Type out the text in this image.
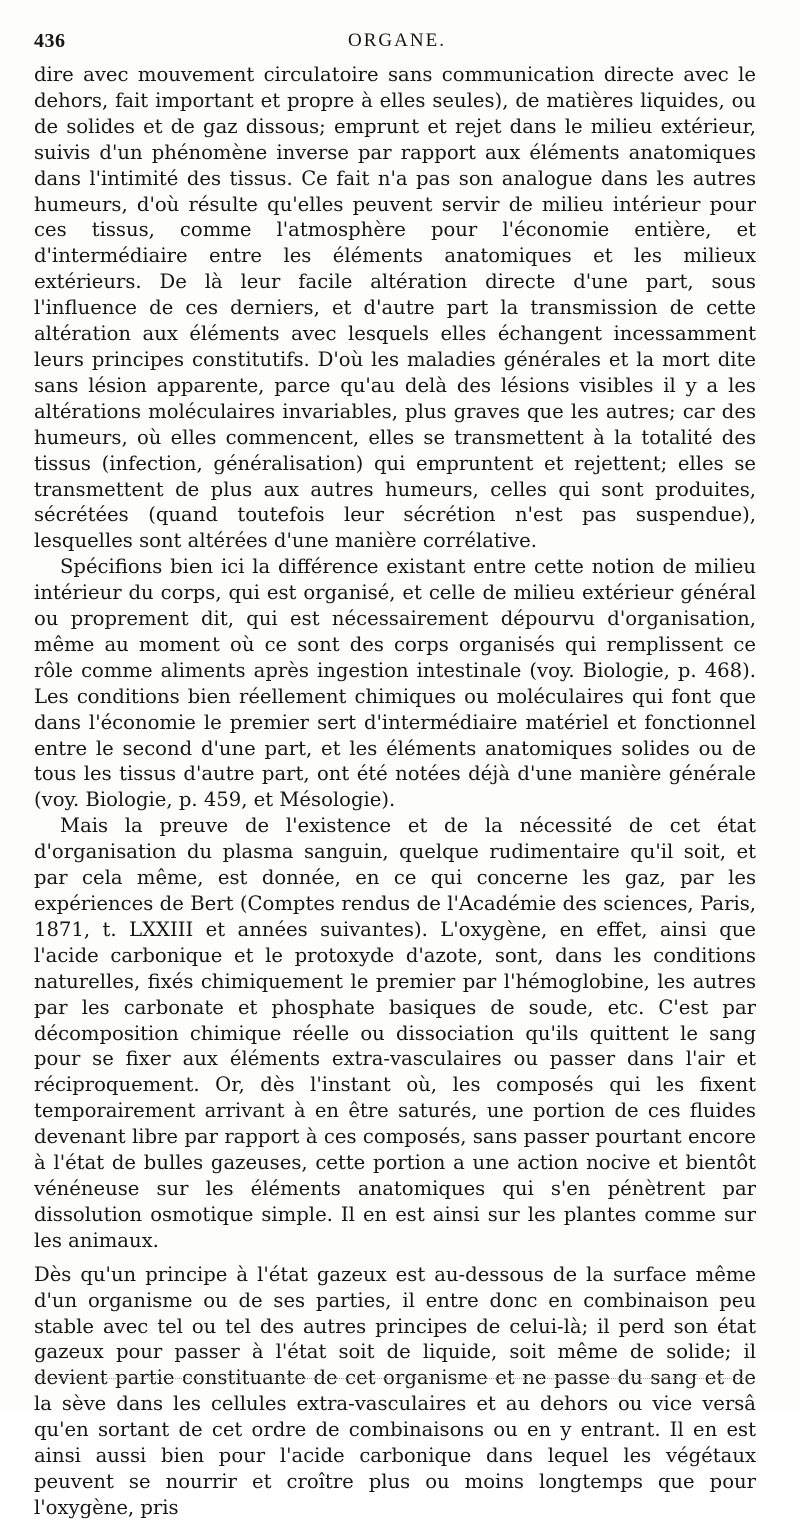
436	ORGANE.

dire avec mouvement circulatoire sans communication directe avec le dehors, fait important et propre à elles seules), de matières liquides, ou de solides et de gaz dissous; emprunt et rejet dans le milieu extérieur, suivis d'un phénomène inverse par rapport aux éléments anatomiques dans l'intimité des tissus. Ce fait n'a pas son analogue dans les autres humeurs, d'où résulte qu'elles peuvent servir de milieu intérieur pour ces tissus, comme l'atmosphère pour l'économie entière, et d'intermédiaire entre les éléments anatomiques et les milieux extérieurs. De là leur facile altération directe d'une part, sous l'influence de ces derniers, et d'autre part la transmission de cette altération aux éléments avec lesquels elles échangent incessamment leurs principes constitutifs. D'où les maladies générales et la mort dite sans lésion apparente, parce qu'au delà des lésions visibles il y a les altérations moléculaires invariables, plus graves que les autres; car des humeurs, où elles commencent, elles se transmettent à la totalité des tissus (infection, généralisation) qui empruntent et rejettent; elles se transmettent de plus aux autres humeurs, celles qui sont produites, sécrétées (quand toutefois leur sécrétion n'est pas suspendue), lesquelles sont altérées d'une manière corrélative.

Spécifions bien ici la différence existant entre cette notion de milieu intérieur du corps, qui est organisé, et celle de milieu extérieur général ou proprement dit, qui est nécessairement dépourvu d'organisation, même au moment où ce sont des corps organisés qui remplissent ce rôle comme aliments après ingestion intestinale (voy. Biologie, p. 468). Les conditions bien réellement chimiques ou moléculaires qui font que dans l'économie le premier sert d'intermédiaire matériel et fonctionnel entre le second d'une part, et les éléments anatomiques solides ou de tous les tissus d'autre part, ont été notées déjà d'une manière générale (voy. Biologie, p. 459, et Mésologie).

Mais la preuve de l'existence et de la nécessité de cet état d'organisation du plasma sanguin, quelque rudimentaire qu'il soit, et par cela même, est donnée, en ce qui concerne les gaz, par les expériences de Bert (Comptes rendus de l'Académie des sciences, Paris, 1871, t. LXXIII et années suivantes). L'oxygène, en effet, ainsi que l'acide carbonique et le protoxyde d'azote, sont, dans les conditions naturelles, fixés chimiquement le premier par l'hémoglobine, les autres par les carbonate et phosphate basiques de soude, etc. C'est par décomposition chimique réelle ou dissociation qu'ils quittent le sang pour se fixer aux éléments extra-vasculaires ou passer dans l'air et réciproquement. Or, dès l'instant où, les composés qui les fixent temporairement arrivant à en être saturés, une portion de ces fluides devenant libre par rapport à ces composés, sans passer pourtant encore à l'état de bulles gazeuses, cette portion a une action nocive et bientôt vénéneuse sur les éléments anatomiques qui s'en pénètrent par dissolution osmotique simple. Il en est ainsi sur les plantes comme sur les animaux.

Dès qu'un principe à l'état gazeux est au-dessous de la surface même d'un organisme ou de ses parties, il entre donc en combinaison peu stable avec tel ou tel des autres principes de celui-là; il perd son état gazeux pour passer à l'état soit de liquide, soit même de solide; il devient partie constituante de cet organisme et ne passe du sang et de la sève dans les cellules extra-vasculaires et au dehors ou vice versâ qu'en sortant de cet ordre de combinaisons ou en y entrant. Il en est ainsi aussi bien pour l'acide carbonique dans lequel les végétaux peuvent se nourrir et croître plus ou moins longtemps que pour l'oxygène, pris
